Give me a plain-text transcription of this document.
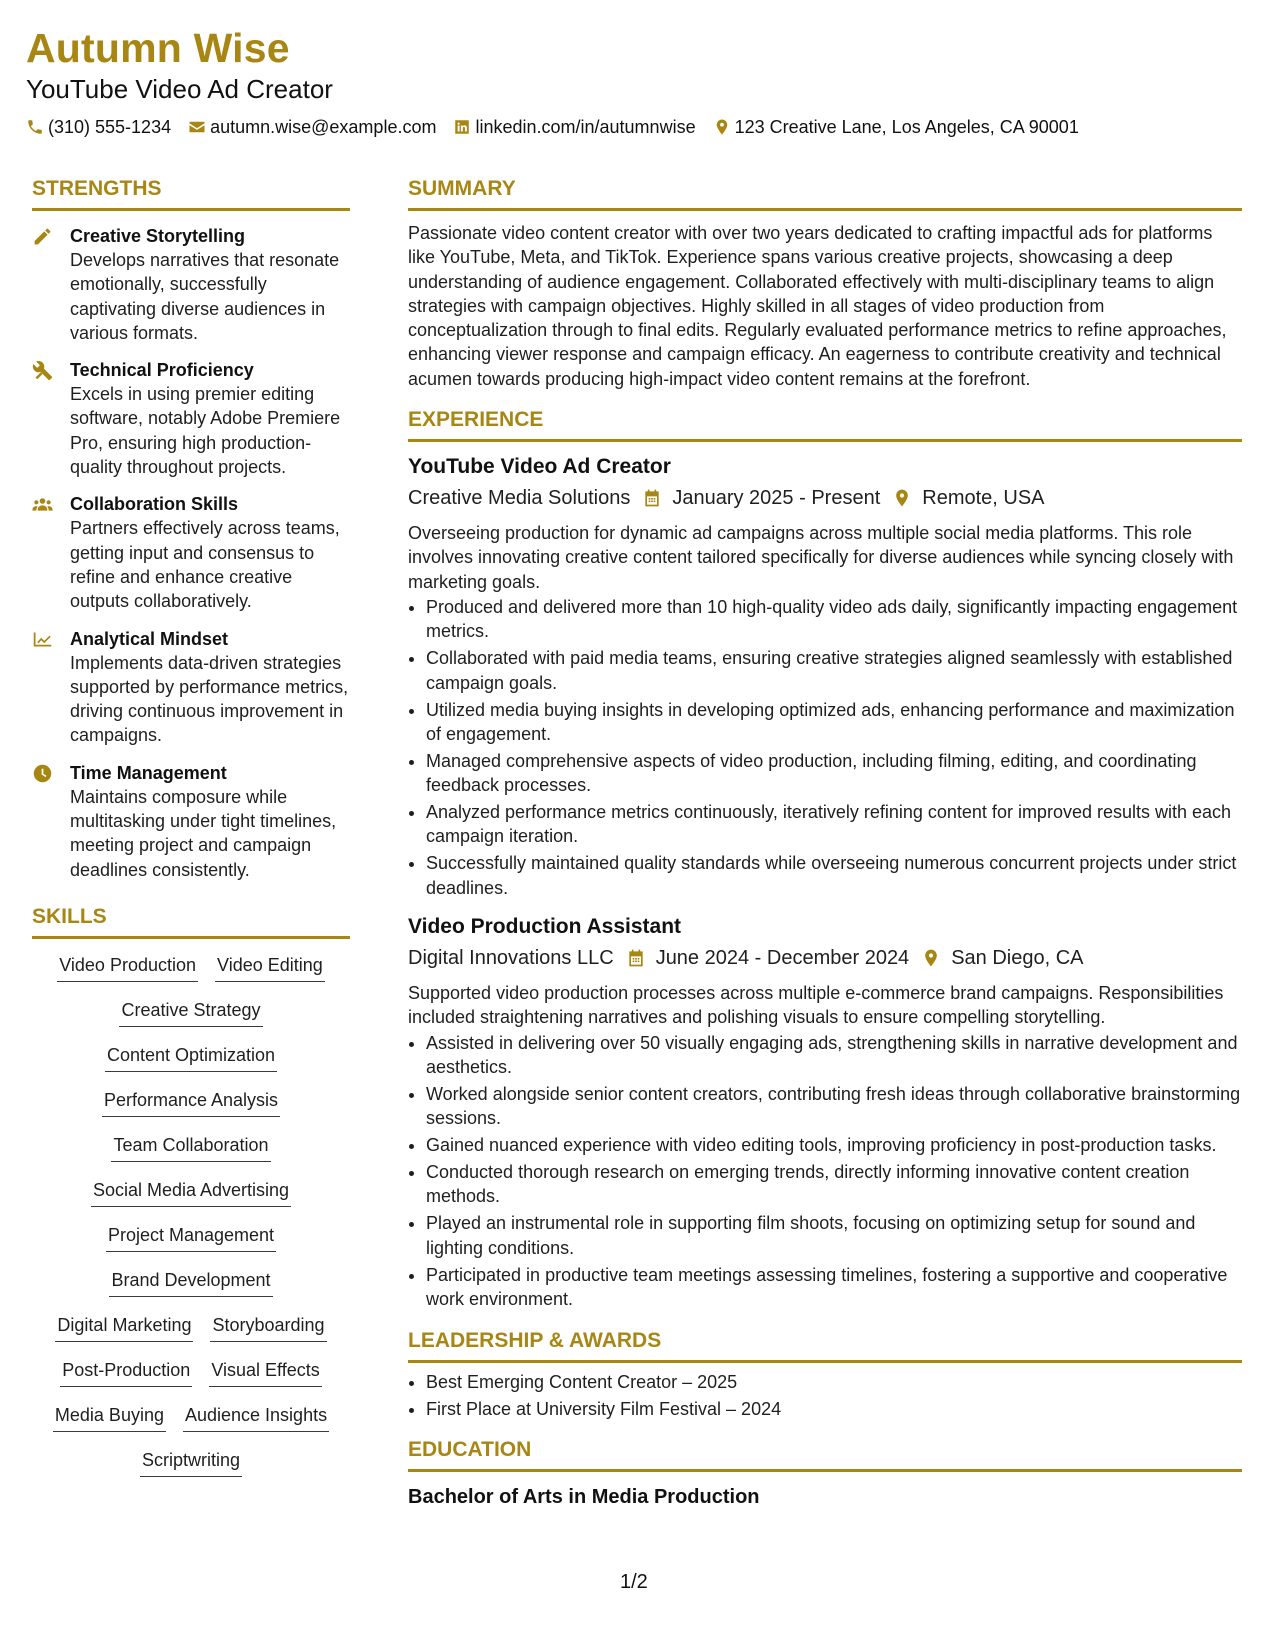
Autumn Wise
YouTube Video Ad Creator
(310) 555-1234 autumn.wise@example.com linkedin.com/in/autumnwise 123 Creative Lane, Los Angeles, CA 90001
STRENGTHS
Creative Storytelling
Develops narratives that resonate emotionally, successfully captivating diverse audiences in various formats.
Technical Proficiency
Excels in using premier editing software, notably Adobe Premiere Pro, ensuring high production-quality throughout projects.
Collaboration Skills
Partners effectively across teams, getting input and consensus to refine and enhance creative outputs collaboratively.
Analytical Mindset
Implements data-driven strategies supported by performance metrics, driving continuous improvement in campaigns.
Time Management
Maintains composure while multitasking under tight timelines, meeting project and campaign deadlines consistently.
SKILLS
Video Production Video Editing
Creative Strategy
Content Optimization
Performance Analysis
Team Collaboration
Social Media Advertising
Project Management
Brand Development
Digital Marketing Storyboarding
Post-Production Visual Effects
Media Buying Audience Insights
Scriptwriting
SUMMARY
Passionate video content creator with over two years dedicated to crafting impactful ads for platforms like YouTube, Meta, and TikTok. Experience spans various creative projects, showcasing a deep understanding of audience engagement. Collaborated effectively with multi-disciplinary teams to align strategies with campaign objectives. Highly skilled in all stages of video production from conceptualization through to final edits. Regularly evaluated performance metrics to refine approaches, enhancing viewer response and campaign efficacy. An eagerness to contribute creativity and technical acumen towards producing high-impact video content remains at the forefront.
EXPERIENCE
YouTube Video Ad Creator
Creative Media Solutions January 2025 - Present Remote, USA
Overseeing production for dynamic ad campaigns across multiple social media platforms. This role involves innovating creative content tailored specifically for diverse audiences while syncing closely with marketing goals.
• Produced and delivered more than 10 high-quality video ads daily, significantly impacting engagement metrics.
• Collaborated with paid media teams, ensuring creative strategies aligned seamlessly with established campaign goals.
• Utilized media buying insights in developing optimized ads, enhancing performance and maximization of engagement.
• Managed comprehensive aspects of video production, including filming, editing, and coordinating feedback processes.
• Analyzed performance metrics continuously, iteratively refining content for improved results with each campaign iteration.
• Successfully maintained quality standards while overseeing numerous concurrent projects under strict deadlines.
Video Production Assistant
Digital Innovations LLC June 2024 - December 2024 San Diego, CA
Supported video production processes across multiple e-commerce brand campaigns. Responsibilities included straightening narratives and polishing visuals to ensure compelling storytelling.
• Assisted in delivering over 50 visually engaging ads, strengthening skills in narrative development and aesthetics.
• Worked alongside senior content creators, contributing fresh ideas through collaborative brainstorming sessions.
• Gained nuanced experience with video editing tools, improving proficiency in post-production tasks.
• Conducted thorough research on emerging trends, directly informing innovative content creation methods.
• Played an instrumental role in supporting film shoots, focusing on optimizing setup for sound and lighting conditions.
• Participated in productive team meetings assessing timelines, fostering a supportive and cooperative work environment.
LEADERSHIP & AWARDS
• Best Emerging Content Creator – 2025
• First Place at University Film Festival – 2024
EDUCATION
Bachelor of Arts in Media Production
1/2
